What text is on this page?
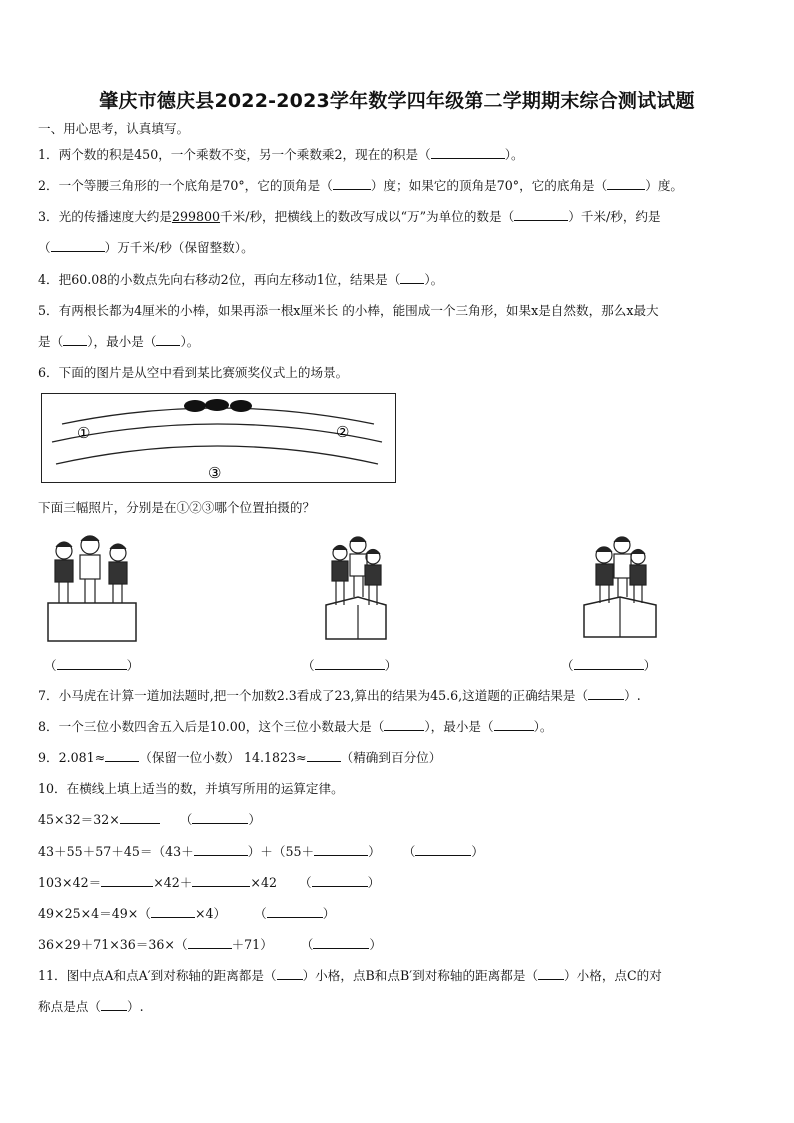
肇庆市德庆县2022-2023学年数学四年级第二学期期末综合测试试题
一、用心思考，认真填写。
1．两个数的积是450，一个乘数不变，另一个乘数乘2，现在的积是（	）。
2．一个等腰三角形的一个底角是70°，它的顶角是（	）度；如果它的顶角是70°，它的底角是（	）度。
3．光的传播速度大约是299800千米/秒，把横线上的数改写成以“万”为单位的数是（	）千米/秒，约是
（	）万千米/秒（保留整数）。
4．把60.08的小数点先向右移动2位，再向左移动1位，结果是（ ）。
5．有两根长都为4厘米的小棒，如果再添一根x厘米长 的小棒，能围成一个三角形，如果x是自然数，那么x最大
是（ ），最小是（ ）。
6．下面的图片是从空中看到某比赛颁奖仪式上的场景。
①	②
③
下面三幅照片，分别是在①②③哪个位置拍摄的？
（	）	（	）	（	）
7．小马虎在计算一道加法题时,把一个加数2.3看成了23,算出的结果为45.6,这道题的正确结果是（	）.
8．一个三位小数四舍五入后是10.00，这个三位小数最大是（	），最小是（	）。
9．2.081≈	（保留一位小数） 14.1823≈	（精确到百分位）
10．在横线上填上适当的数，并填写所用的运算定律。
45×32＝32×	（	）
43＋55＋57＋45＝（43＋	）＋（55＋	） （	）
103×42＝	×42＋	×42 （	）
49×25×4＝49×（	×4） （	）
36×29＋71×36＝36×（	＋71） （	）
11．图中点A和点A′到对称轴的距离都是（ ）小格，点B和点B′到对称轴的距离都是（ ）小格，点C的对
称点是点（ ）.
